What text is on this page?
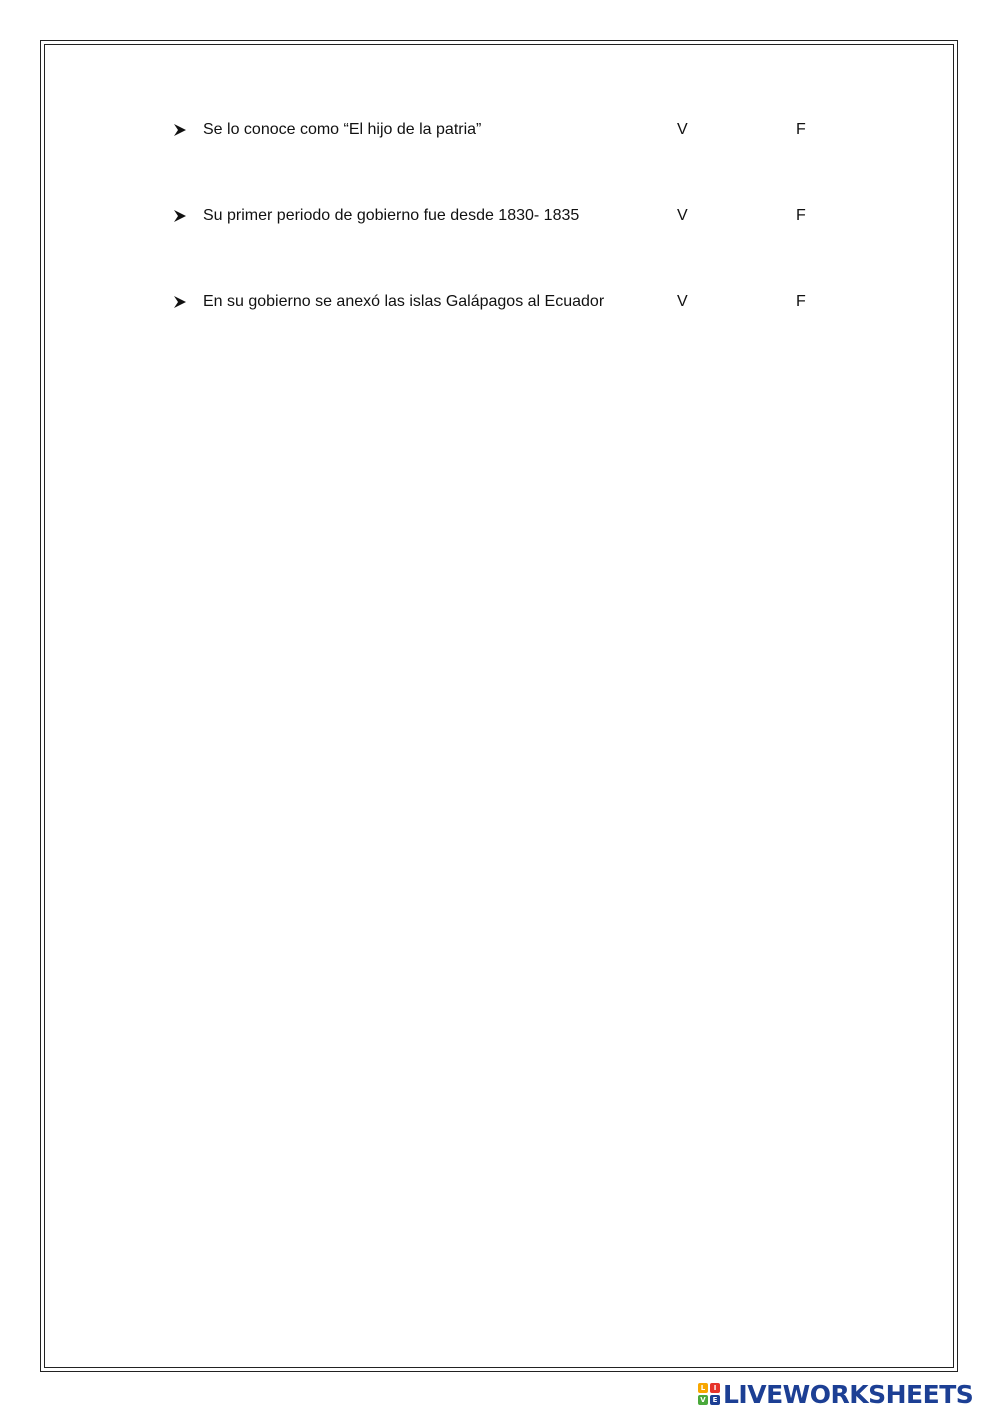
Se lo conoce como “El hijo de la patria”	V	F
Su primer periodo de gobierno fue desde 1830- 1835	V	F
En su gobierno se anexó las islas Galápagos al Ecuador	V	F
L	I
V E LIVEWORKSHEETS
